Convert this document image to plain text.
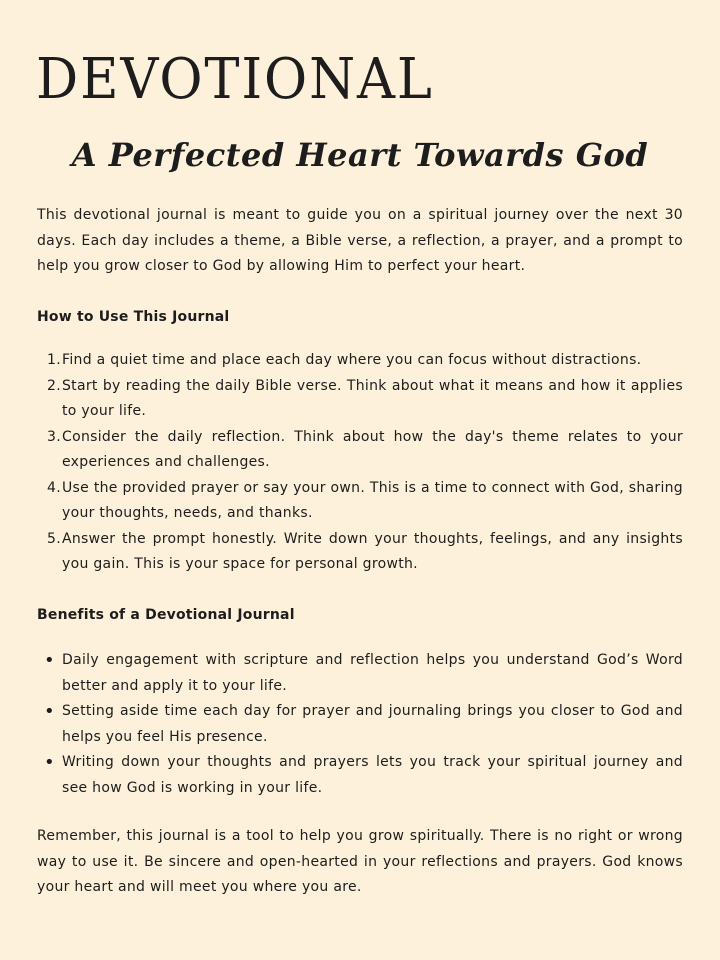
DEVOTIONAL
A Perfected Heart Towards God

This devotional journal is meant to guide you on a spiritual journey over the next 30 days. Each day includes a theme, a Bible verse, a reflection, a prayer, and a prompt to help you grow closer to God by allowing Him to perfect your heart.

How to Use This Journal
1. Find a quiet time and place each day where you can focus without distractions.
2. Start by reading the daily Bible verse. Think about what it means and how it applies to your life.
3. Consider the daily reflection. Think about how the day's theme relates to your experiences and challenges.
4. Use the provided prayer or say your own. This is a time to connect with God, sharing your thoughts, needs, and thanks.
5. Answer the prompt honestly. Write down your thoughts, feelings, and any insights you gain. This is your space for personal growth.
Benefits of a Devotional Journal
• Daily engagement with scripture and reflection helps you understand God’s Word better and apply it to your life.
• Setting aside time each day for prayer and journaling brings you closer to God and helps you feel His presence.
• Writing down your thoughts and prayers lets you track your spiritual journey and see how God is working in your life.

Remember, this journal is a tool to help you grow spiritually. There is no right or wrong way to use it. Be sincere and open-hearted in your reflections and prayers. God knows your heart and will meet you where you are.
